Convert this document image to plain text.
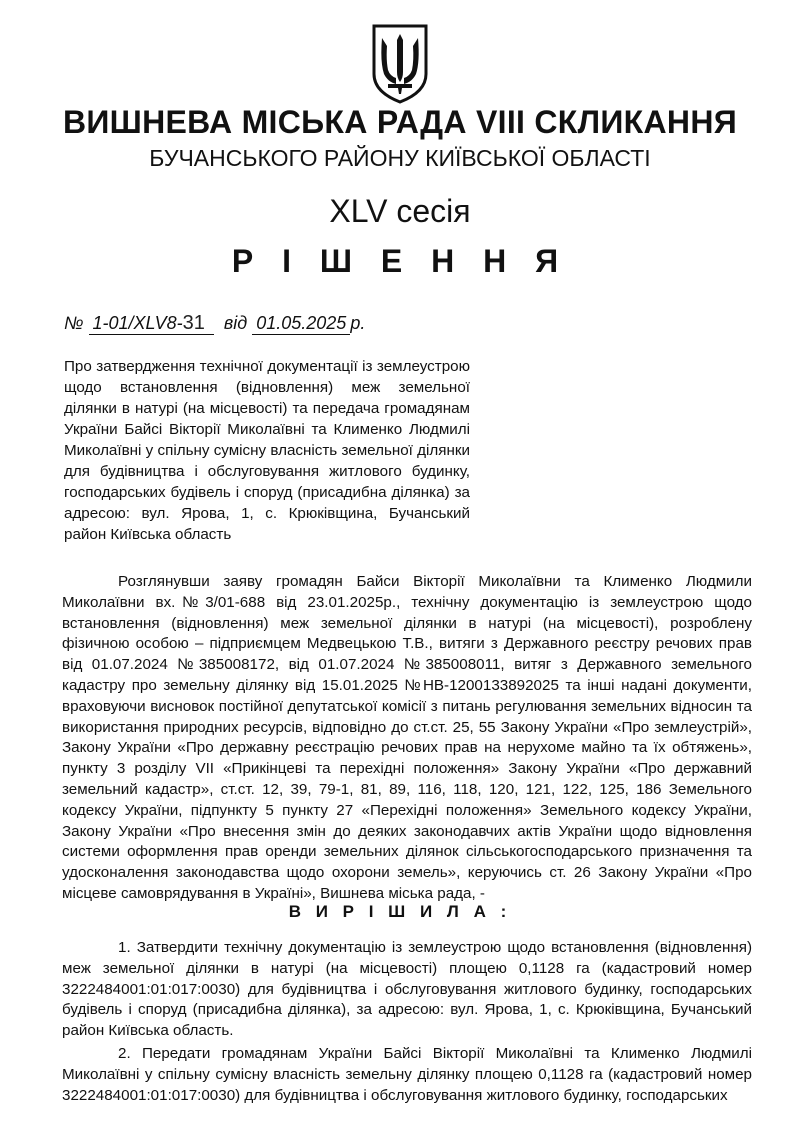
ВИШНЕВА МІСЬКА РАДА VIII СКЛИКАННЯ
БУЧАНСЬКОГО РАЙОНУ КИЇВСЬКОЇ ОБЛАСТІ
XLV сесія
Р І Ш Е Н Н Я
№ 1-01/XLV8-31 від 01.05.2025 р.
Про затвердження технічної документації із землеустрою щодо встановлення (відновлення) меж земельної ділянки в натурі (на місцевості) та передача громадянам України Байсі Вікторії Миколаївні та Клименко Людмилі Миколаївні у спільну сумісну власність земельної ділянки для будівництва і обслуговування житлового будинку, господарських будівель і споруд (присадибна ділянка) за адресою: вул. Ярова, 1, с. Крюківщина, Бучанський район Київська область
Розглянувши заяву громадян Байси Вікторії Миколаївни та Клименко Людмили Миколаївни вх.№3/01-688 від 23.01.2025р., технічну документацію із землеустрою щодо встановлення (відновлення) меж земельної ділянки в натурі (на місцевості), розроблену фізичною особою – підприємцем Медвецькою Т.В., витяги з Державного реєстру речових прав від 01.07.2024 №385008172, від 01.07.2024 №385008011, витяг з Державного земельного кадастру про земельну ділянку від 15.01.2025 №НВ-1200133892025 та інші надані документи, враховуючи висновок постійної депутатської комісії з питань регулювання земельних відносин та використання природних ресурсів, відповідно до ст.ст. 25, 55 Закону України «Про землеустрій», Закону України «Про державну реєстрацію речових прав на нерухоме майно та їх обтяжень», пункту 3 розділу VII «Прикінцеві та перехідні положення» Закону України «Про державний земельний кадастр», ст.ст. 12, 39, 79-1, 81, 89, 116, 118, 120, 121, 122, 125, 186 Земельного кодексу України, підпункту 5 пункту 27 «Перехідні положення» Земельного кодексу України, Закону України «Про внесення змін до деяких законодавчих актів України щодо відновлення системи оформлення прав оренди земельних ділянок сільськогосподарського призначення та удосконалення законодавства щодо охорони земель», керуючись ст. 26 Закону України «Про місцеве самоврядування в Україні», Вишнева міська рада, -
В И Р І Ш И Л А :
1. Затвердити технічну документацію із землеустрою щодо встановлення (відновлення) меж земельної ділянки в натурі (на місцевості) площею 0,1128 га (кадастровий номер 3222484001:01:017:0030) для будівництва і обслуговування житлового будинку, господарських будівель і споруд (присадибна ділянка), за адресою: вул. Ярова, 1, с. Крюківщина, Бучанський район Київська область.
2. Передати громадянам України Байсі Вікторії Миколаївні та Клименко Людмилі Миколаївні у спільну сумісну власність земельну ділянку площею 0,1128 га (кадастровий номер 3222484001:01:017:0030) для будівництва і обслуговування житлового будинку, господарських
